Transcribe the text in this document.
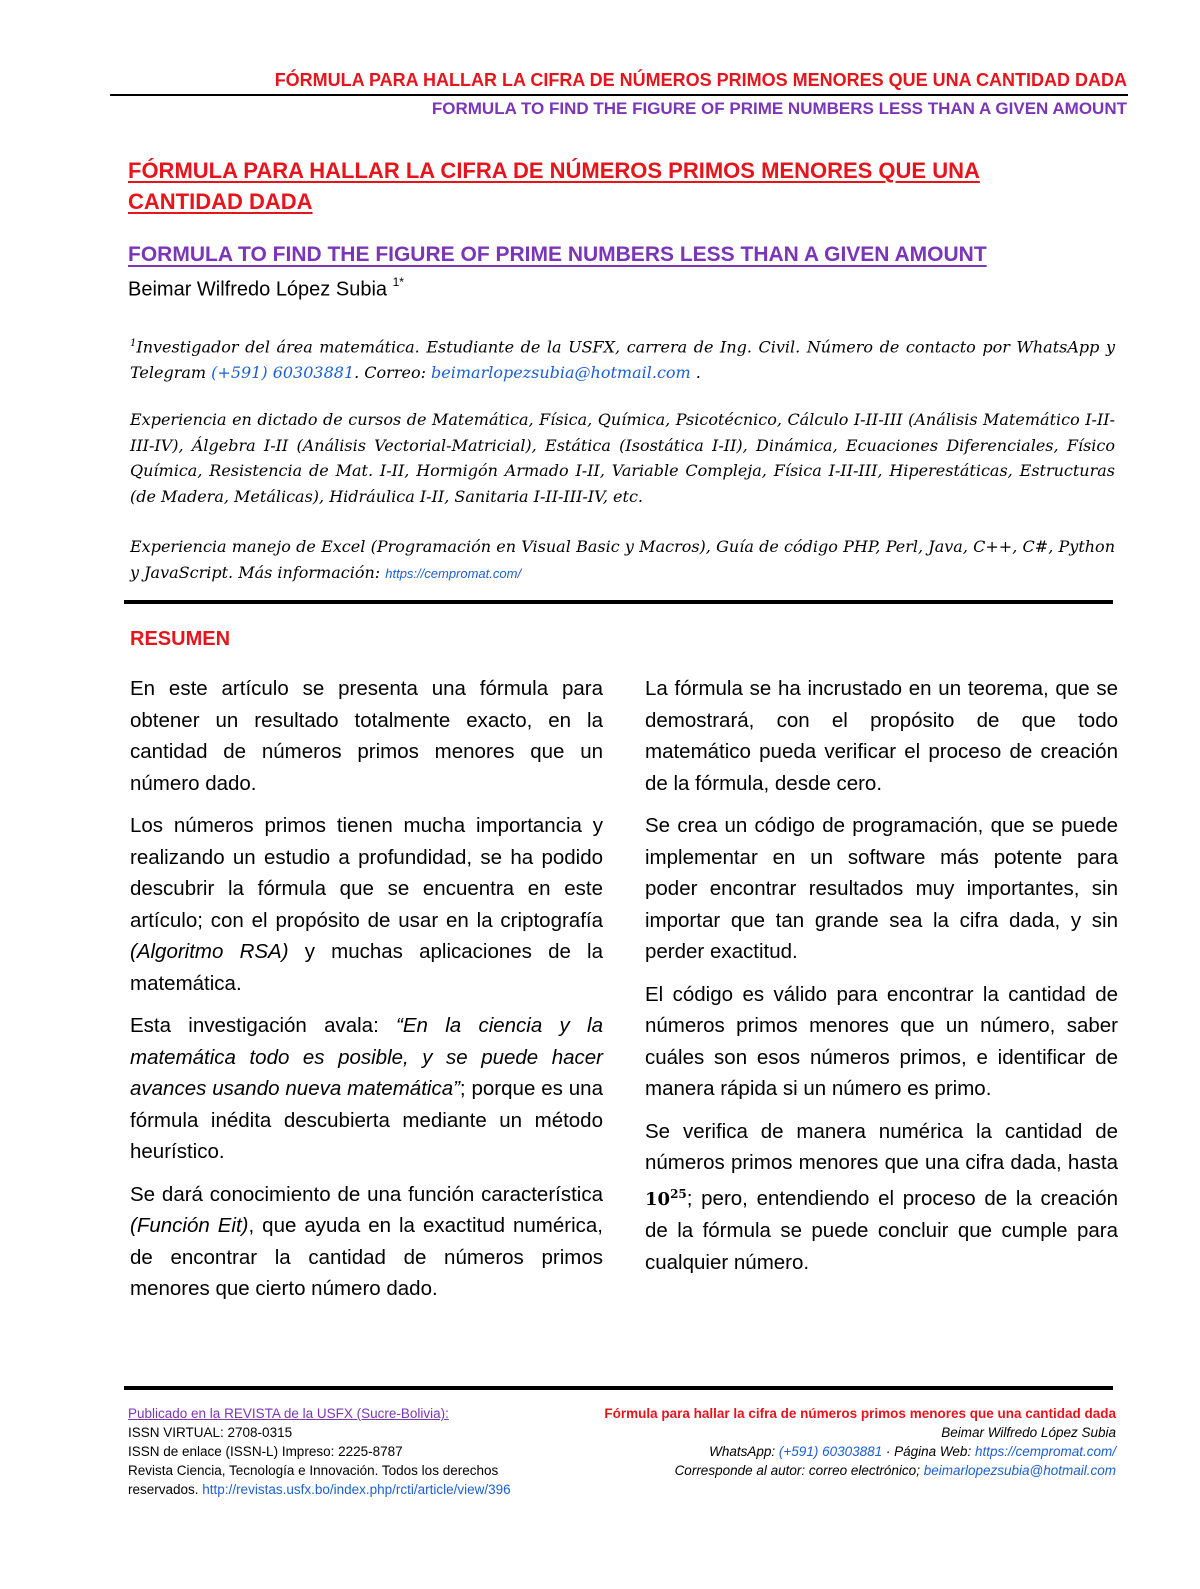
FÓRMULA PARA HALLAR LA CIFRA DE NÚMEROS PRIMOS MENORES QUE UNA CANTIDAD DADA
FORMULA TO FIND THE FIGURE OF PRIME NUMBERS LESS THAN A GIVEN AMOUNT
FÓRMULA PARA HALLAR LA CIFRA DE NÚMEROS PRIMOS MENORES QUE UNA
CANTIDAD DADA
FORMULA TO FIND THE FIGURE OF PRIME NUMBERS LESS THAN A GIVEN AMOUNT
Beimar Wilfredo López Subia $^{1*}$
$^1$Investigador del área matemática. Estudiante de la USFX, carrera de Ing. Civil. Número de contacto por WhatsApp y Telegram (+591) 60303881. Correo: beimarlopezsubia@hotmail.com .
Experiencia en dictado de cursos de Matemática, Física, Química, Psicotécnico, Cálculo I-II-III (Análisis Matemático I-II-III-IV), Álgebra I-II (Análisis Vectorial-Matricial), Estática (Isostática I-II), Dinámica, Ecuaciones Diferenciales, Físico Química, Resistencia de Mat. I-II, Hormigón Armado I-II, Variable Compleja, Física I-II-III, Hiperestáticas, Estructuras (de Madera, Metálicas), Hidráulica I-II, Sanitaria I-II-III-IV, etc.
Experiencia manejo de Excel (Programación en Visual Basic y Macros), Guía de código PHP, Perl, Java, C++, C#, Python y JavaScript. Más información: https://cempromat.com/
RESUMEN

En este artículo se presenta una fórmula para obtener un resultado totalmente exacto, en la cantidad de números primos menores que un número dado.

Los números primos tienen mucha importancia y realizando un estudio a profundidad, se ha podido descubrir la fórmula que se encuentra en este artículo; con el propósito de usar en la criptografía (Algoritmo RSA) y muchas aplicaciones de la matemática.

Esta investigación avala: “En la ciencia y la matemática todo es posible, y se puede hacer avances usando nueva matemática”; porque es una fórmula inédita descubierta mediante un método heurístico.

Se dará conocimiento de una función característica (Función Eit), que ayuda en la exactitud numérica, de encontrar la cantidad de números primos menores que cierto número dado.

La fórmula se ha incrustado en un teorema, que se demostrará, con el propósito de que todo matemático pueda verificar el proceso de creación de la fórmula, desde cero.

Se crea un código de programación, que se puede implementar en un software más potente para poder encontrar resultados muy importantes, sin importar que tan grande sea la cifra dada, y sin perder exactitud.

El código es válido para encontrar la cantidad de números primos menores que un número, saber cuáles son esos números primos, e identificar de manera rápida si un número es primo.

Se verifica de manera numérica la cantidad de números primos menores que una cifra dada, hasta $10^{25}$; pero, entendiendo el proceso de la creación de la fórmula se puede concluir que cumple para cualquier número.

Publicado en la REVISTA de la USFX (Sucre-Bolivia):
ISSN VIRTUAL: 2708-0315
ISSN de enlace (ISSN-L) Impreso: 2225-8787
Revista Ciencia, Tecnología e Innovación. Todos los derechos reservados. http://revistas.usfx.bo/index.php/rcti/article/view/396
Fórmula para hallar la cifra de números primos menores que una cantidad dada
Beimar Wilfredo López Subia
WhatsApp: (+591) 60303881 · Página Web: https://cempromat.com/
Corresponde al autor: correo electrónico; beimarlopezsubia@hotmail.com
